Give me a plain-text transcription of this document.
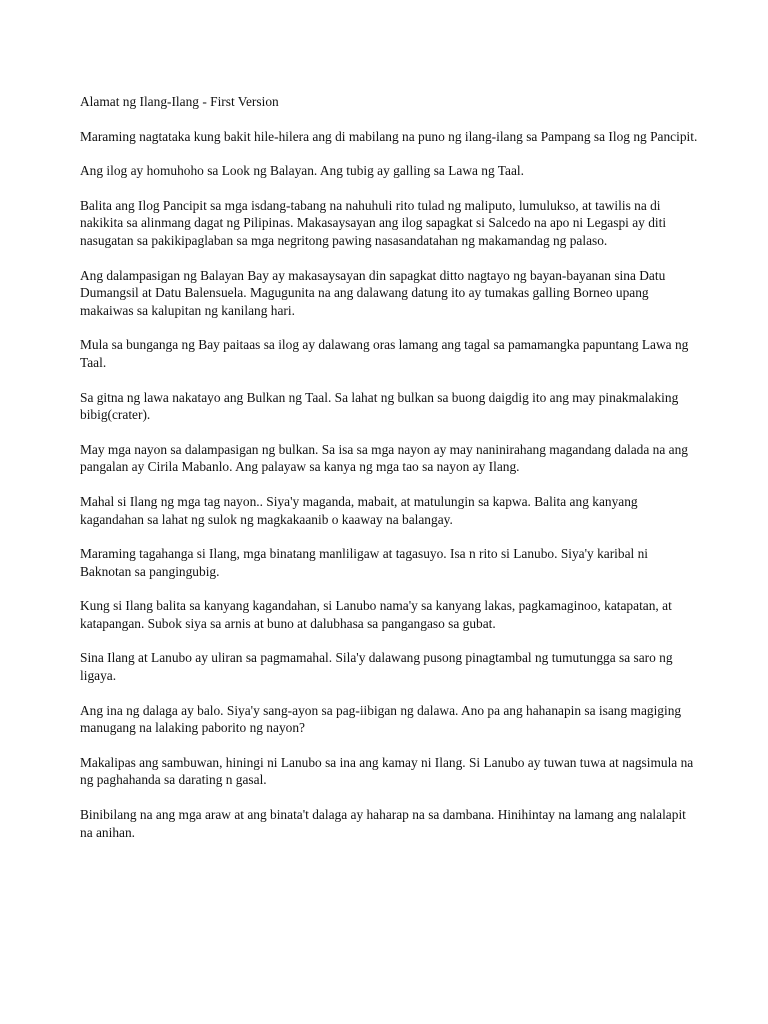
Alamat ng Ilang-Ilang - First Version

Maraming nagtataka kung bakit hile-hilera ang di mabilang na puno ng ilang-ilang sa Pampang sa Ilog ng Pancipit.

Ang ilog ay homuhoho sa Look ng Balayan. Ang tubig ay galling sa Lawa ng Taal.

Balita ang Ilog Pancipit sa mga isdang-tabang na nahuhuli rito tulad ng maliputo, lumulukso, at tawilis na di nakikita sa alinmang dagat ng Pilipinas. Makasaysayan ang ilog sapagkat si Salcedo na apo ni Legaspi ay diti nasugatan sa pakikipaglaban sa mga negritong pawing nasasandatahan ng makamandag ng palaso.

Ang dalampasigan ng Balayan Bay ay makasaysayan din sapagkat ditto nagtayo ng bayan-bayanan sina Datu Dumangsil at Datu Balensuela. Magugunita na ang dalawang datung ito ay tumakas galling Borneo upang makaiwas sa kalupitan ng kanilang hari.

Mula sa bunganga ng Bay paitaas sa ilog ay dalawang oras lamang ang tagal sa pamamangka papuntang Lawa ng Taal.

Sa gitna ng lawa nakatayo ang Bulkan ng Taal. Sa lahat ng bulkan sa buong daigdig ito ang may pinakmalaking bibig(crater).

May mga nayon sa dalampasigan ng bulkan. Sa isa sa mga nayon ay may naninirahang magandang dalada na ang pangalan ay Cirila Mabanlo. Ang palayaw sa kanya ng mga tao sa nayon ay Ilang.

Mahal si Ilang ng mga tag nayon.. Siya'y maganda, mabait, at matulungin sa kapwa. Balita ang kanyang kagandahan sa lahat ng sulok ng magkakaanib o kaaway na balangay.

Maraming tagahanga si Ilang, mga binatang manliligaw at tagasuyo. Isa n rito si Lanubo. Siya'y karibal ni Baknotan sa pangingubig.

Kung si Ilang balita sa kanyang kagandahan, si Lanubo nama'y sa kanyang lakas, pagkamaginoo, katapatan, at katapangan. Subok siya sa arnis at buno at dalubhasa sa pangangaso sa gubat.

Sina Ilang at Lanubo ay uliran sa pagmamahal. Sila'y dalawang pusong pinagtambal ng tumutungga sa saro ng ligaya.

Ang ina ng dalaga ay balo. Siya'y sang-ayon sa pag-iibigan ng dalawa. Ano pa ang hahanapin sa isang magiging manugang na lalaking paborito ng nayon?

Makalipas ang sambuwan, hiningi ni Lanubo sa ina ang kamay ni Ilang. Si Lanubo ay tuwan tuwa at nagsimula na ng paghahanda sa darating n gasal.

Binibilang na ang mga araw at ang binata't dalaga ay haharap na sa dambana. Hinihintay na lamang ang nalalapit na anihan.
